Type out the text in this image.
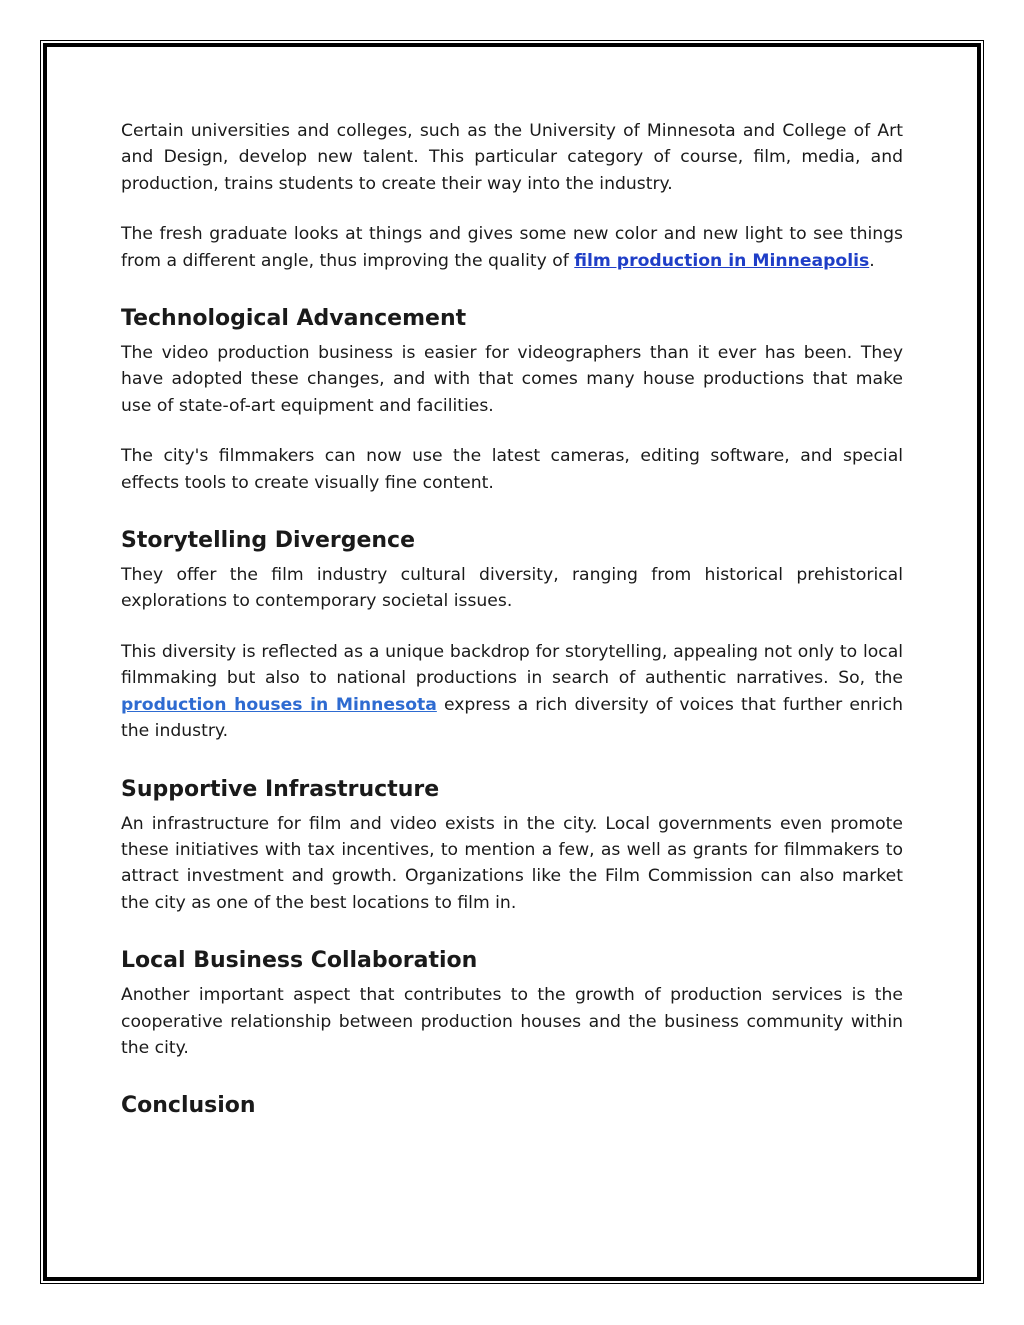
Certain universities and colleges, such as the University of Minnesota and College of Art and Design, develop new talent. This particular category of course, film, media, and production, trains students to create their way into the industry.

The fresh graduate looks at things and gives some new color and new light to see things from a different angle, thus improving the quality of film production in Minneapolis.

Technological Advancement

The video production business is easier for videographers than it ever has been. They have adopted these changes, and with that comes many house productions that make use of state-of-art equipment and facilities.

The city's filmmakers can now use the latest cameras, editing software, and special effects tools to create visually fine content.

Storytelling Divergence

They offer the film industry cultural diversity, ranging from historical prehistorical explorations to contemporary societal issues.

This diversity is reflected as a unique backdrop for storytelling, appealing not only to local filmmaking but also to national productions in search of authentic narratives. So, the production houses in Minnesota express a rich diversity of voices that further enrich the industry.

Supportive Infrastructure

An infrastructure for film and video exists in the city. Local governments even promote these initiatives with tax incentives, to mention a few, as well as grants for filmmakers to attract investment and growth. Organizations like the Film Commission can also market the city as one of the best locations to film in.

Local Business Collaboration

Another important aspect that contributes to the growth of production services is the cooperative relationship between production houses and the business community within the city.

Conclusion
